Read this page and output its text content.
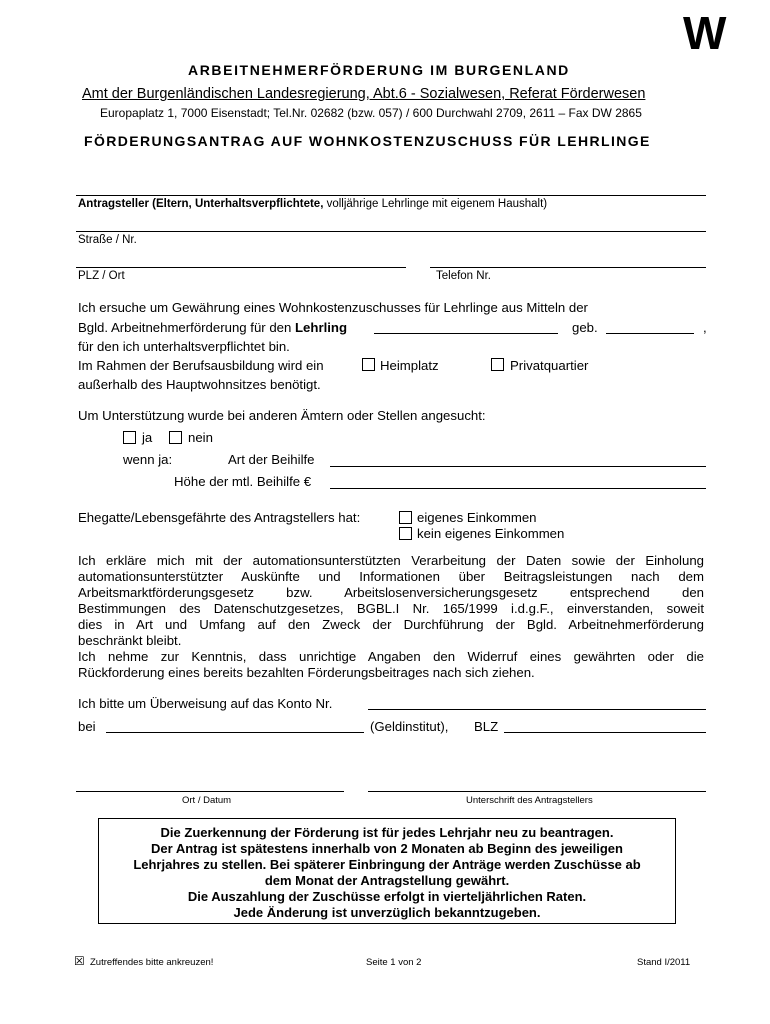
W
ARBEITNEHMERFÖRDERUNG IM BURGENLAND
Amt der Burgenländischen Landesregierung, Abt.6 - Sozialwesen, Referat Förderwesen
Europaplatz 1, 7000 Eisenstadt; Tel.Nr. 02682 (bzw. 057) / 600 Durchwahl 2709, 2611 – Fax DW 2865
FÖRDERUNGSANTRAG AUF WOHNKOSTENZUSCHUSS FÜR LEHRLINGE
Antragsteller (Eltern, Unterhaltsverpflichtete, volljährige Lehrlinge mit eigenem Haushalt)
Straße / Nr.
PLZ / Ort	Telefon Nr.
Ich ersuche um Gewährung eines Wohnkostenzuschusses für Lehrlinge aus Mitteln der
Bgld. Arbeitnehmerförderung für den Lehrling	geb.	,
für den ich unterhaltsverpflichtet bin.
Im Rahmen der Berufsausbildung wird ein	Heimplatz	Privatquartier
außerhalb des Hauptwohnsitzes benötigt.
Um Unterstützung wurde bei anderen Ämtern oder Stellen angesucht:
ja	nein
wenn ja:	Art der Beihilfe
Höhe der mtl. Beihilfe €
Ehegatte/Lebensgefährte des Antragstellers hat:	eigenes Einkommen
kein eigenes Einkommen
Ich erkläre mich mit der automationsunterstützten Verarbeitung der Daten sowie der Einholung
automationsunterstützter Auskünfte und Informationen über Beitragsleistungen nach dem
Arbeitsmarktförderungsgesetz bzw. Arbeitslosenversicherungsgesetz entsprechend den
Bestimmungen des Datenschutzgesetzes, BGBL.I Nr. 165/1999 i.d.g.F., einverstanden, soweit
dies in Art und Umfang auf den Zweck der Durchführung der Bgld. Arbeitnehmerförderung
beschränkt bleibt.
Ich nehme zur Kenntnis, dass unrichtige Angaben den Widerruf eines gewährten oder die
Rückforderung eines bereits bezahlten Förderungsbeitrages nach sich ziehen.
Ich bitte um Überweisung auf das Konto Nr.
bei	(Geldinstitut), BLZ
Ort / Datum	Unterschrift des Antragstellers
Die Zuerkennung der Förderung ist für jedes Lehrjahr neu zu beantragen.
Der Antrag ist spätestens innerhalb von 2 Monaten ab Beginn des jeweiligen
Lehrjahres zu stellen. Bei späterer Einbringung der Anträge werden Zuschüsse ab
dem Monat der Antragstellung gewährt.
Die Auszahlung der Zuschüsse erfolgt in vierteljährlichen Raten.
Jede Änderung ist unverzüglich bekanntzugeben.
☒ Zutreffendes bitte ankreuzen!	Seite 1 von 2	Stand I/2011
